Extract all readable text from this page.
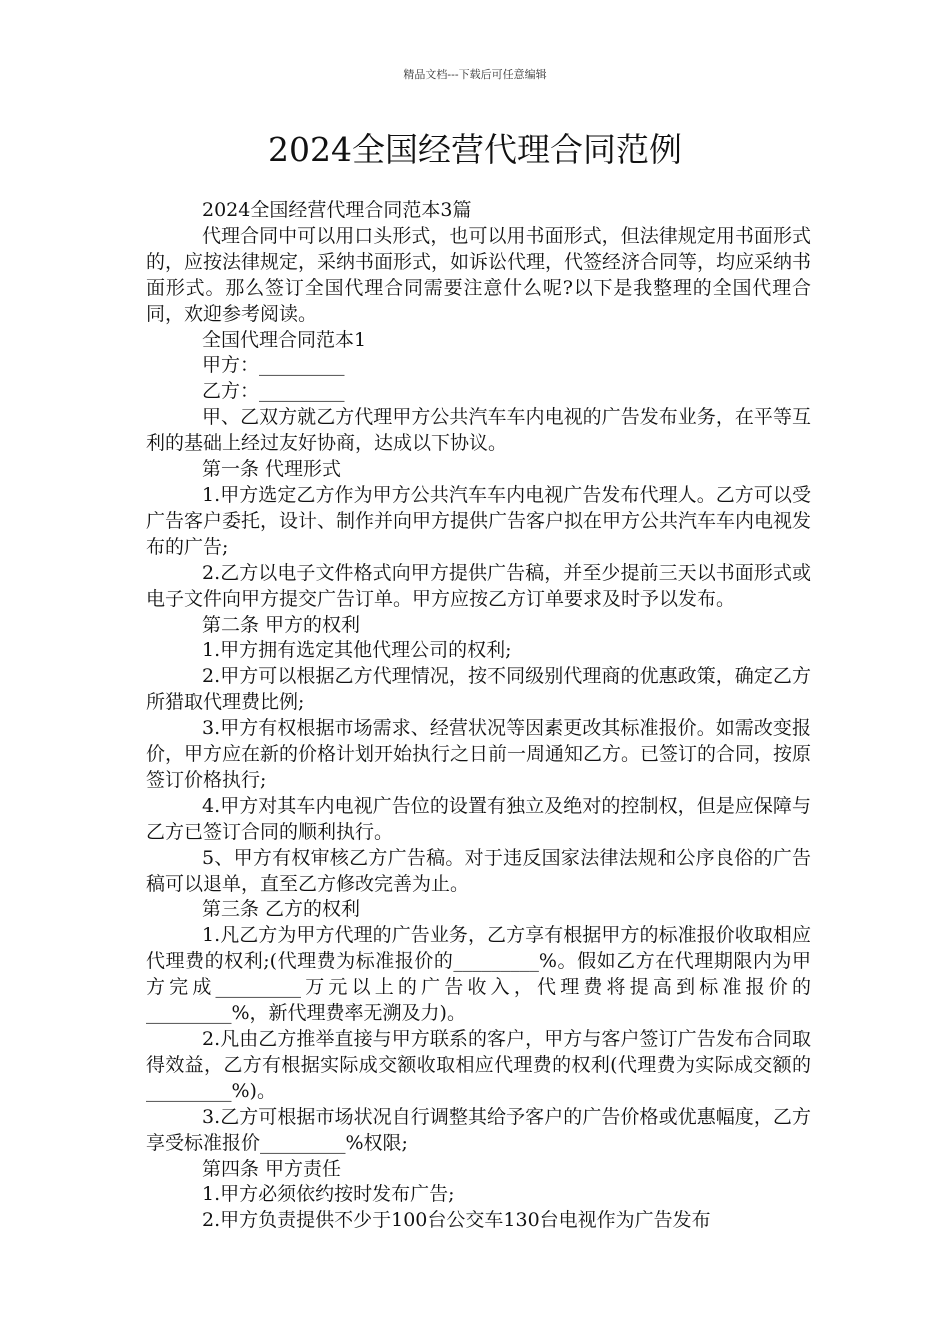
精品文档---下载后可任意编辑
2024全国经营代理合同范例

2024全国经营代理合同范本3篇

代理合同中可以用口头形式，也可以用书面形式，但法律规定用书面形式的，应按法律规定，采纳书面形式，如诉讼代理，代签经济合同等，均应采纳书面形式。那么签订全国代理合同需要注意什么呢?以下是我整理的全国代理合同，欢迎参考阅读。

全国代理合同范本1

甲方：_________

乙方：_________

甲、乙双方就乙方代理甲方公共汽车车内电视的广告发布业务，在平等互利的基础上经过友好协商，达成以下协议。

第一条 代理形式

1.甲方选定乙方作为甲方公共汽车车内电视广告发布代理人。乙方可以受广告客户委托，设计、制作并向甲方提供广告客户拟在甲方公共汽车车内电视发布的广告;

2.乙方以电子文件格式向甲方提供广告稿，并至少提前三天以书面形式或电子文件向甲方提交广告订单。甲方应按乙方订单要求及时予以发布。

第二条 甲方的权利

1.甲方拥有选定其他代理公司的权利;

2.甲方可以根据乙方代理情况，按不同级别代理商的优惠政策，确定乙方所猎取代理费比例;

3.甲方有权根据市场需求、经营状况等因素更改其标准报价。如需改变报价，甲方应在新的价格计划开始执行之日前一周通知乙方。已签订的合同，按原签订价格执行;

4.甲方对其车内电视广告位的设置有独立及绝对的控制权，但是应保障与乙方已签订合同的顺利执行。

5、甲方有权审核乙方广告稿。对于违反国家法律法规和公序良俗的广告稿可以退单，直至乙方修改完善为止。

第三条 乙方的权利

1.凡乙方为甲方代理的广告业务，乙方享有根据甲方的标准报价收取相应代理费的权利;(代理费为标准报价的_________%。假如乙方在代理期限内为甲方完成_________万元以上的广告收入，代理费将提高到标准报价的_________%，新代理费率无溯及力)。

2.凡由乙方推举直接与甲方联系的客户，甲方与客户签订广告发布合同取得效益，乙方有根据实际成交额收取相应代理费的权利(代理费为实际成交额的_________%)。

3.乙方可根据市场状况自行调整其给予客户的广告价格或优惠幅度，乙方享受标准报价_________%权限;

第四条 甲方责任

1.甲方必须依约按时发布广告;

2.甲方负责提供不少于100台公交车130台电视作为广告发布
